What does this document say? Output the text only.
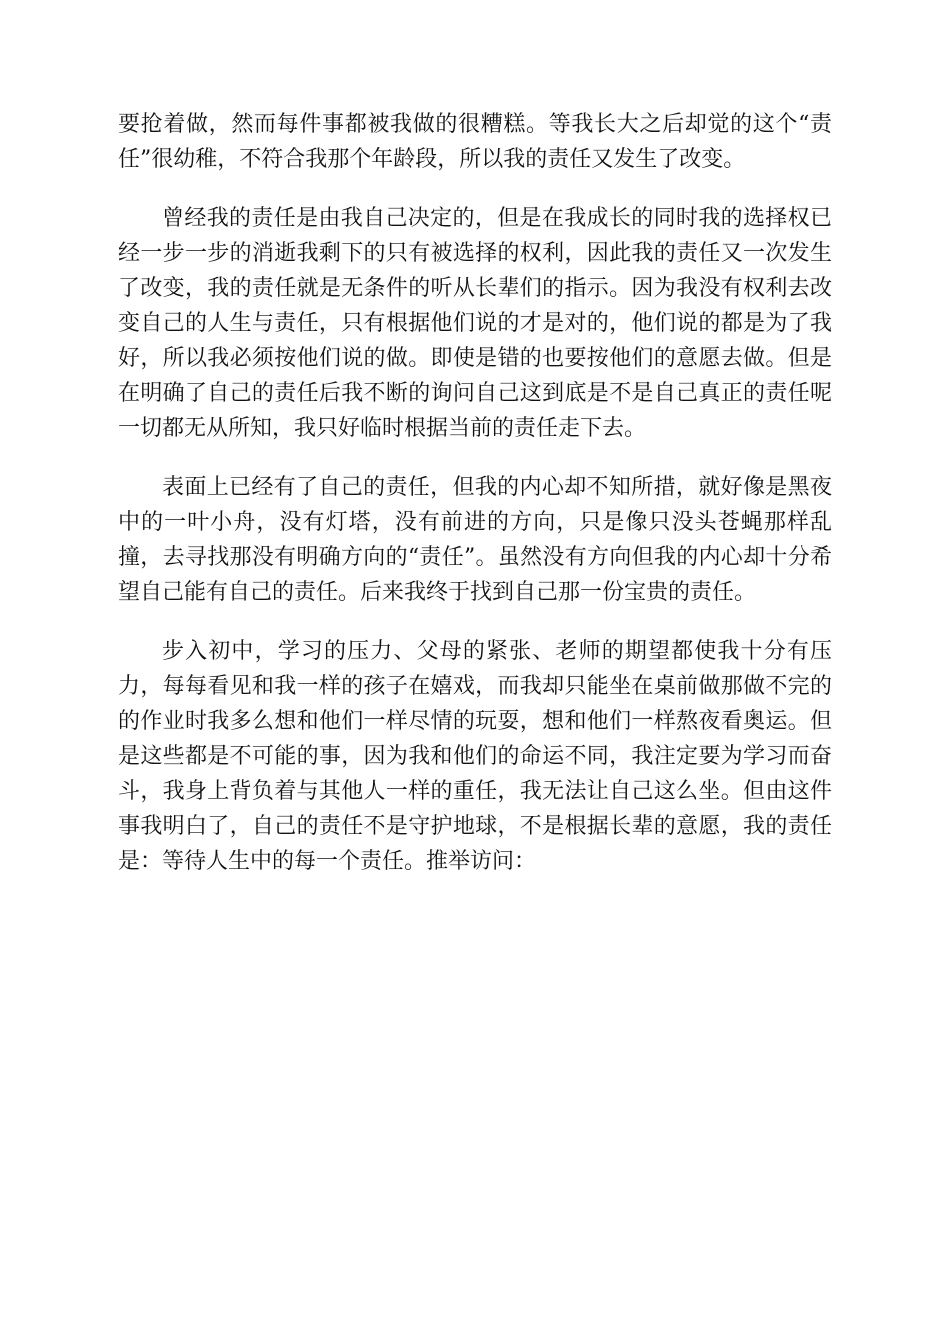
要抢着做，然而每件事都被我做的很糟糕。等我长大之后却觉的这个“责任”很幼稚，不符合我那个年龄段，所以我的责任又发生了改变。

曾经我的责任是由我自己决定的，但是在我成长的同时我的选择权已经一步一步的消逝我剩下的只有被选择的权利，因此我的责任又一次发生了改变，我的责任就是无条件的听从长辈们的指示。因为我没有权利去改变自己的人生与责任，只有根据他们说的才是对的，他们说的都是为了我好，所以我必须按他们说的做。即使是错的也要按他们的意愿去做。但是在明确了自己的责任后我不断的询问自己这到底是不是自己真正的责任呢一切都无从所知，我只好临时根据当前的责任走下去。

表面上已经有了自己的责任，但我的内心却不知所措，就好像是黑夜中的一叶小舟，没有灯塔，没有前进的方向，只是像只没头苍蝇那样乱撞，去寻找那没有明确方向的“责任”。虽然没有方向但我的内心却十分希望自己能有自己的责任。后来我终于找到自己那一份宝贵的责任。

步入初中，学习的压力、父母的紧张、老师的期望都使我十分有压力，每每看见和我一样的孩子在嬉戏，而我却只能坐在桌前做那做不完的的作业时我多么想和他们一样尽情的玩耍，想和他们一样熬夜看奥运。但是这些都是不可能的事，因为我和他们的命运不同，我注定要为学习而奋斗，我身上背负着与其他人一样的重任，我无法让自己这么坐。但由这件事我明白了，自己的责任不是守护地球，不是根据长辈的意愿，我的责任是：等待人生中的每一个责任。推举访问：
